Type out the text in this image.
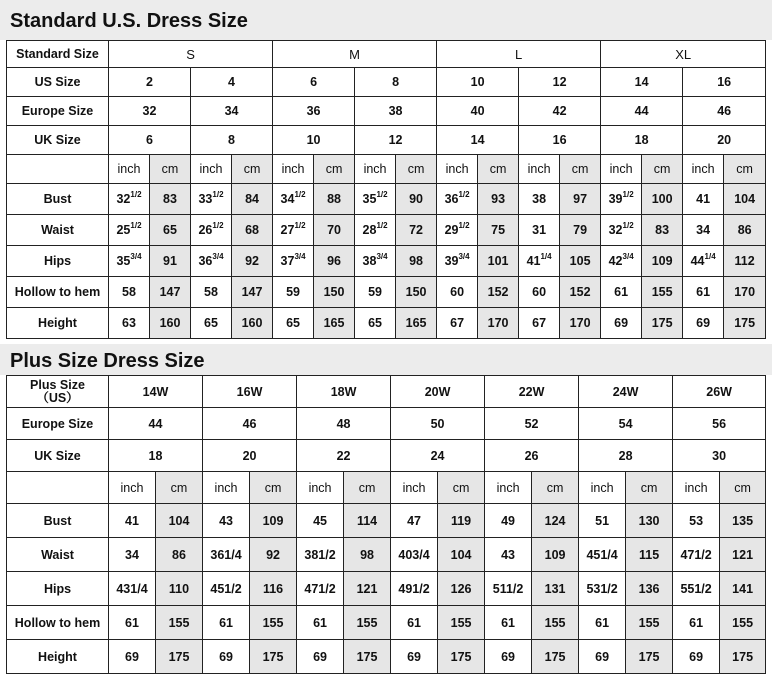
Standard U.S. Dress Size
Standard Size	S				M				L				XL			
US Size	2		4		6		8		10		12		14		16	
Europe Size	32		34		36		38		40		42		44		46	
UK Size	6		8		10		12		14		16		18		20	
	inch	cm	inch	cm	inch	cm	inch	cm	inch	cm	inch	cm	inch	cm	inch	cm
Bust	$32^{1/2}$	83	$33^{1/2}$	84	$34^{1/2}$	88	$35^{1/2}$	90	$36^{1/2}$	93	38	97	$39^{1/2}$	100	41	104
Waist	$25^{1/2}$	65	$26^{1/2}$	68	$27^{1/2}$	70	$28^{1/2}$	72	$29^{1/2}$	75	31	79	$32^{1/2}$	83	34	86
Hips	$35^{3/4}$	91	$36^{3/4}$	92	$37^{3/4}$	96	$38^{3/4}$	98	$39^{3/4}$	101	$41^{1/4}$	105	$42^{3/4}$	109	$44^{1/4}$	112
Hollow to hem	58	147	58	147	59	150	59	150	60	152	60	152	61	155	61	170
Height	63	160	65	160	65	165	65	165	67	170	67	170	69	175	69	175
Plus Size Dress Size
Plus Size
（US）	14W		16W		18W		20W		22W		24W		26W	
Europe Size	44		46		48		50		52		54		56	
UK Size	18		20		22		24		26		28		30	
	inch	cm	inch	cm	inch	cm	inch	cm	inch	cm	inch	cm	inch	cm
Bust	41	104	43	109	45	114	47	119	49	124	51	130	53	135
Waist	34	86	361/4	92	381/2	98	403/4	104	43	109	451/4	115	471/2	121
Hips	431/4	110	451/2	116	471/2	121	491/2	126	511/2	131	531/2	136	551/2	141
Hollow to hem	61	155	61	155	61	155	61	155	61	155	61	155	61	155
Height	69	175	69	175	69	175	69	175	69	175	69	175	69	175
